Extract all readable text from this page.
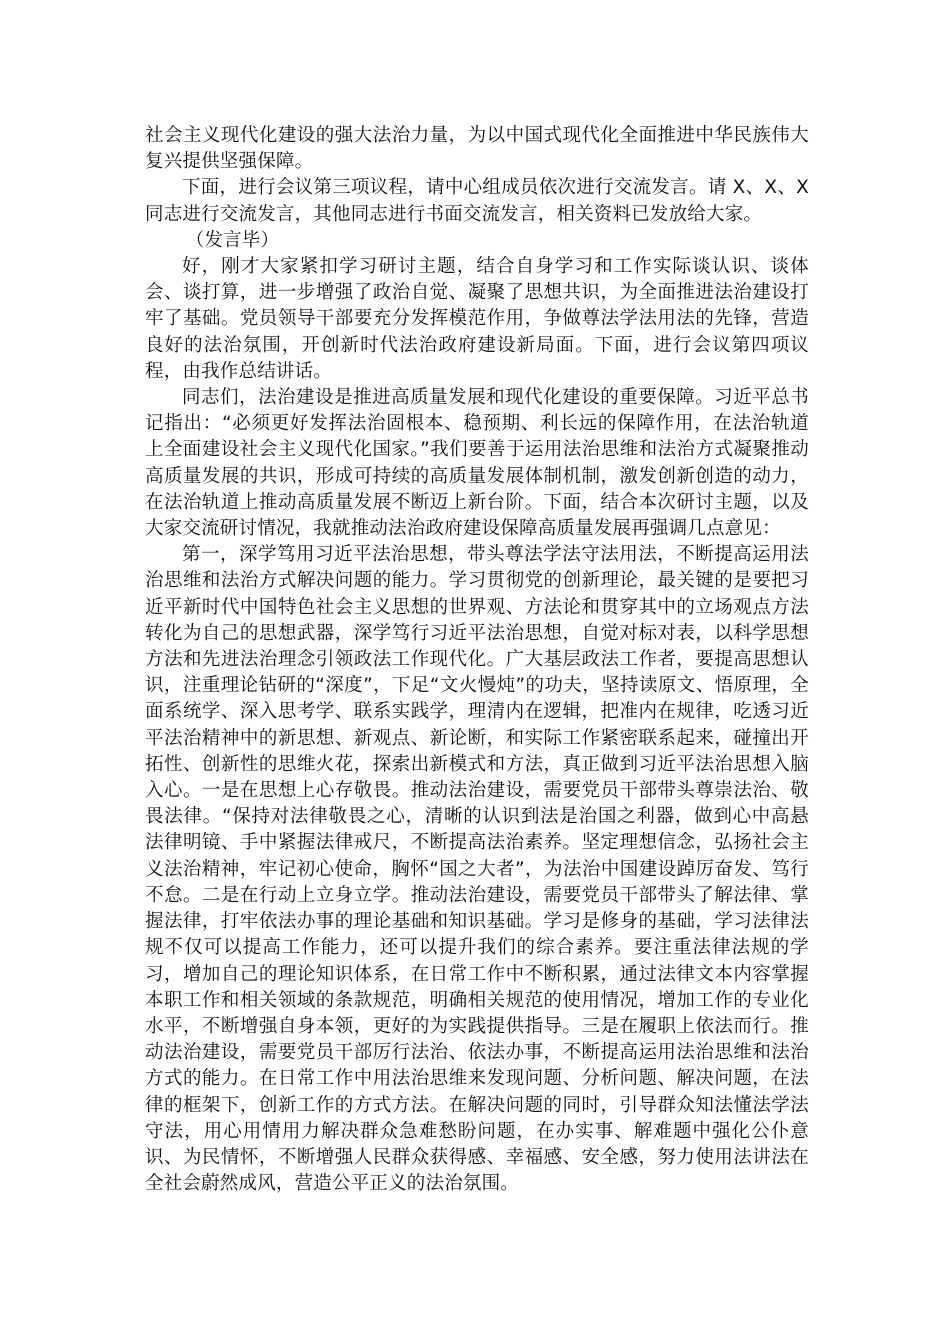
社会主义现代化建设的强大法治力量，为以中国式现代化全面推进中华民族伟大复兴提供坚强保障。

下面，进行会议第三项议程，请中心组成员依次进行交流发言。请 X、X、X 同志进行交流发言，其他同志进行书面交流发言，相关资料已发放给大家。

（发言毕）

好，刚才大家紧扣学习研讨主题，结合自身学习和工作实际谈认识、谈体会、谈打算，进一步增强了政治自觉、凝聚了思想共识，为全面推进法治建设打牢了基础。党员领导干部要充分发挥模范作用，争做尊法学法用法的先锋，营造良好的法治氛围，开创新时代法治政府建设新局面。下面，进行会议第四项议程，由我作总结讲话。

同志们，法治建设是推进高质量发展和现代化建设的重要保障。习近平总书记指出：“必须更好发挥法治固根本、稳预期、利长远的保障作用，在法治轨道上全面建设社会主义现代化国家。”我们要善于运用法治思维和法治方式凝聚推动高质量发展的共识，形成可持续的高质量发展体制机制，激发创新创造的动力，在法治轨道上推动高质量发展不断迈上新台阶。下面，结合本次研讨主题，以及大家交流研讨情况，我就推动法治政府建设保障高质量发展再强调几点意见：

第一，深学笃用习近平法治思想，带头尊法学法守法用法，不断提高运用法治思维和法治方式解决问题的能力。学习贯彻党的创新理论，最关键的是要把习近平新时代中国特色社会主义思想的世界观、方法论和贯穿其中的立场观点方法转化为自己的思想武器，深学笃行习近平法治思想，自觉对标对表，以科学思想方法和先进法治理念引领政法工作现代化。广大基层政法工作者，要提高思想认识，注重理论钻研的“深度”，下足“文火慢炖”的功夫，坚持读原文、悟原理，全面系统学、深入思考学、联系实践学，理清内在逻辑，把准内在规律，吃透习近平法治精神中的新思想、新观点、新论断，和实际工作紧密联系起来，碰撞出开拓性、创新性的思维火花，探索出新模式和方法，真正做到习近平法治思想入脑入心。一是在思想上心存敬畏。推动法治建设，需要党员干部带头尊崇法治、敬畏法律。“保持对法律敬畏之心，清晰的认识到法是治国之利器，做到心中高悬法律明镜、手中紧握法律戒尺，不断提高法治素养。坚定理想信念，弘扬社会主义法治精神，牢记初心使命，胸怀“国之大者”，为法治中国建设踔厉奋发、笃行不怠。二是在行动上立身立学。推动法治建设，需要党员干部带头了解法律、掌握法律，打牢依法办事的理论基础和知识基础。学习是修身的基础，学习法律法规不仅可以提高工作能力，还可以提升我们的综合素养。要注重法律法规的学习，增加自己的理论知识体系，在日常工作中不断积累，通过法律文本内容掌握本职工作和相关领域的条款规范，明确相关规范的使用情况，增加工作的专业化水平，不断增强自身本领，更好的为实践提供指导。三是在履职上依法而行。推动法治建设，需要党员干部厉行法治、依法办事，不断提高运用法治思维和法治方式的能力。在日常工作中用法治思维来发现问题、分析问题、解决问题，在法律的框架下，创新工作的方式方法。在解决问题的同时，引导群众知法懂法学法守法，用心用情用力解决群众急难愁盼问题，在办实事、解难题中强化公仆意识、为民情怀，不断增强人民群众获得感、幸福感、安全感，努力使用法讲法在全社会蔚然成风，营造公平正义的法治氛围。
